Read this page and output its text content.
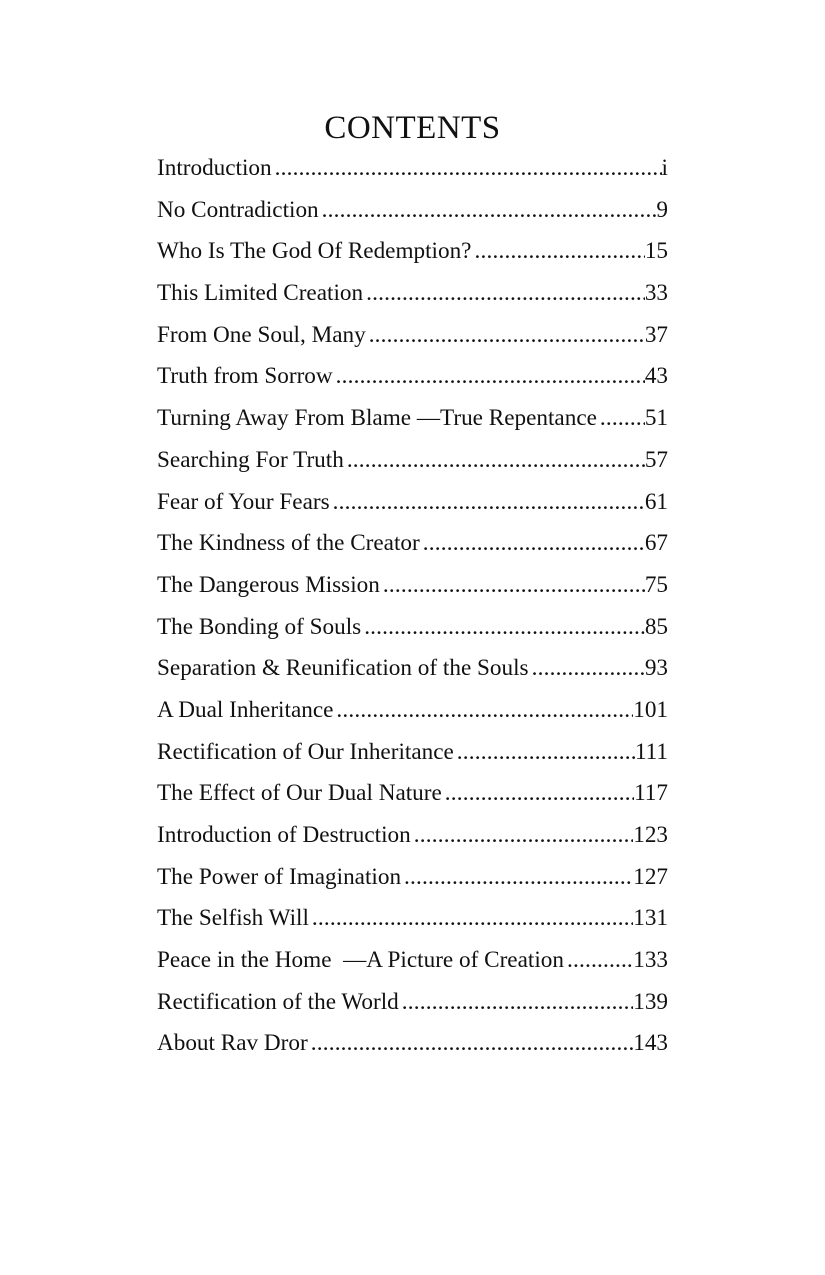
CONTENTS
Introduction .....	i
No Contradiction .....	9
Who Is The God Of Redemption? .....	15
This Limited Creation .....	33
From One Soul, Many .....	37
Truth from Sorrow .....	43
Turning Away From Blame —True Repentance ..... 51
Searching For Truth .....	57
Fear of Your Fears .....	61
The Kindness of the Creator .....	67
The Dangerous Mission .....	75
The Bonding of Souls .....	85
Separation & Reunification of the Souls .....	93
A Dual Inheritance .....	101
Rectification of Our Inheritance .....	111
The Effect of Our Dual Nature .....	117
Introduction of Destruction .....	123
The Power of Imagination .....	127
The Selfish Will .....	131
Peace in the Home  —A Picture of Creation .....	133
Rectification of the World .....	139
About Rav Dror .....	143
